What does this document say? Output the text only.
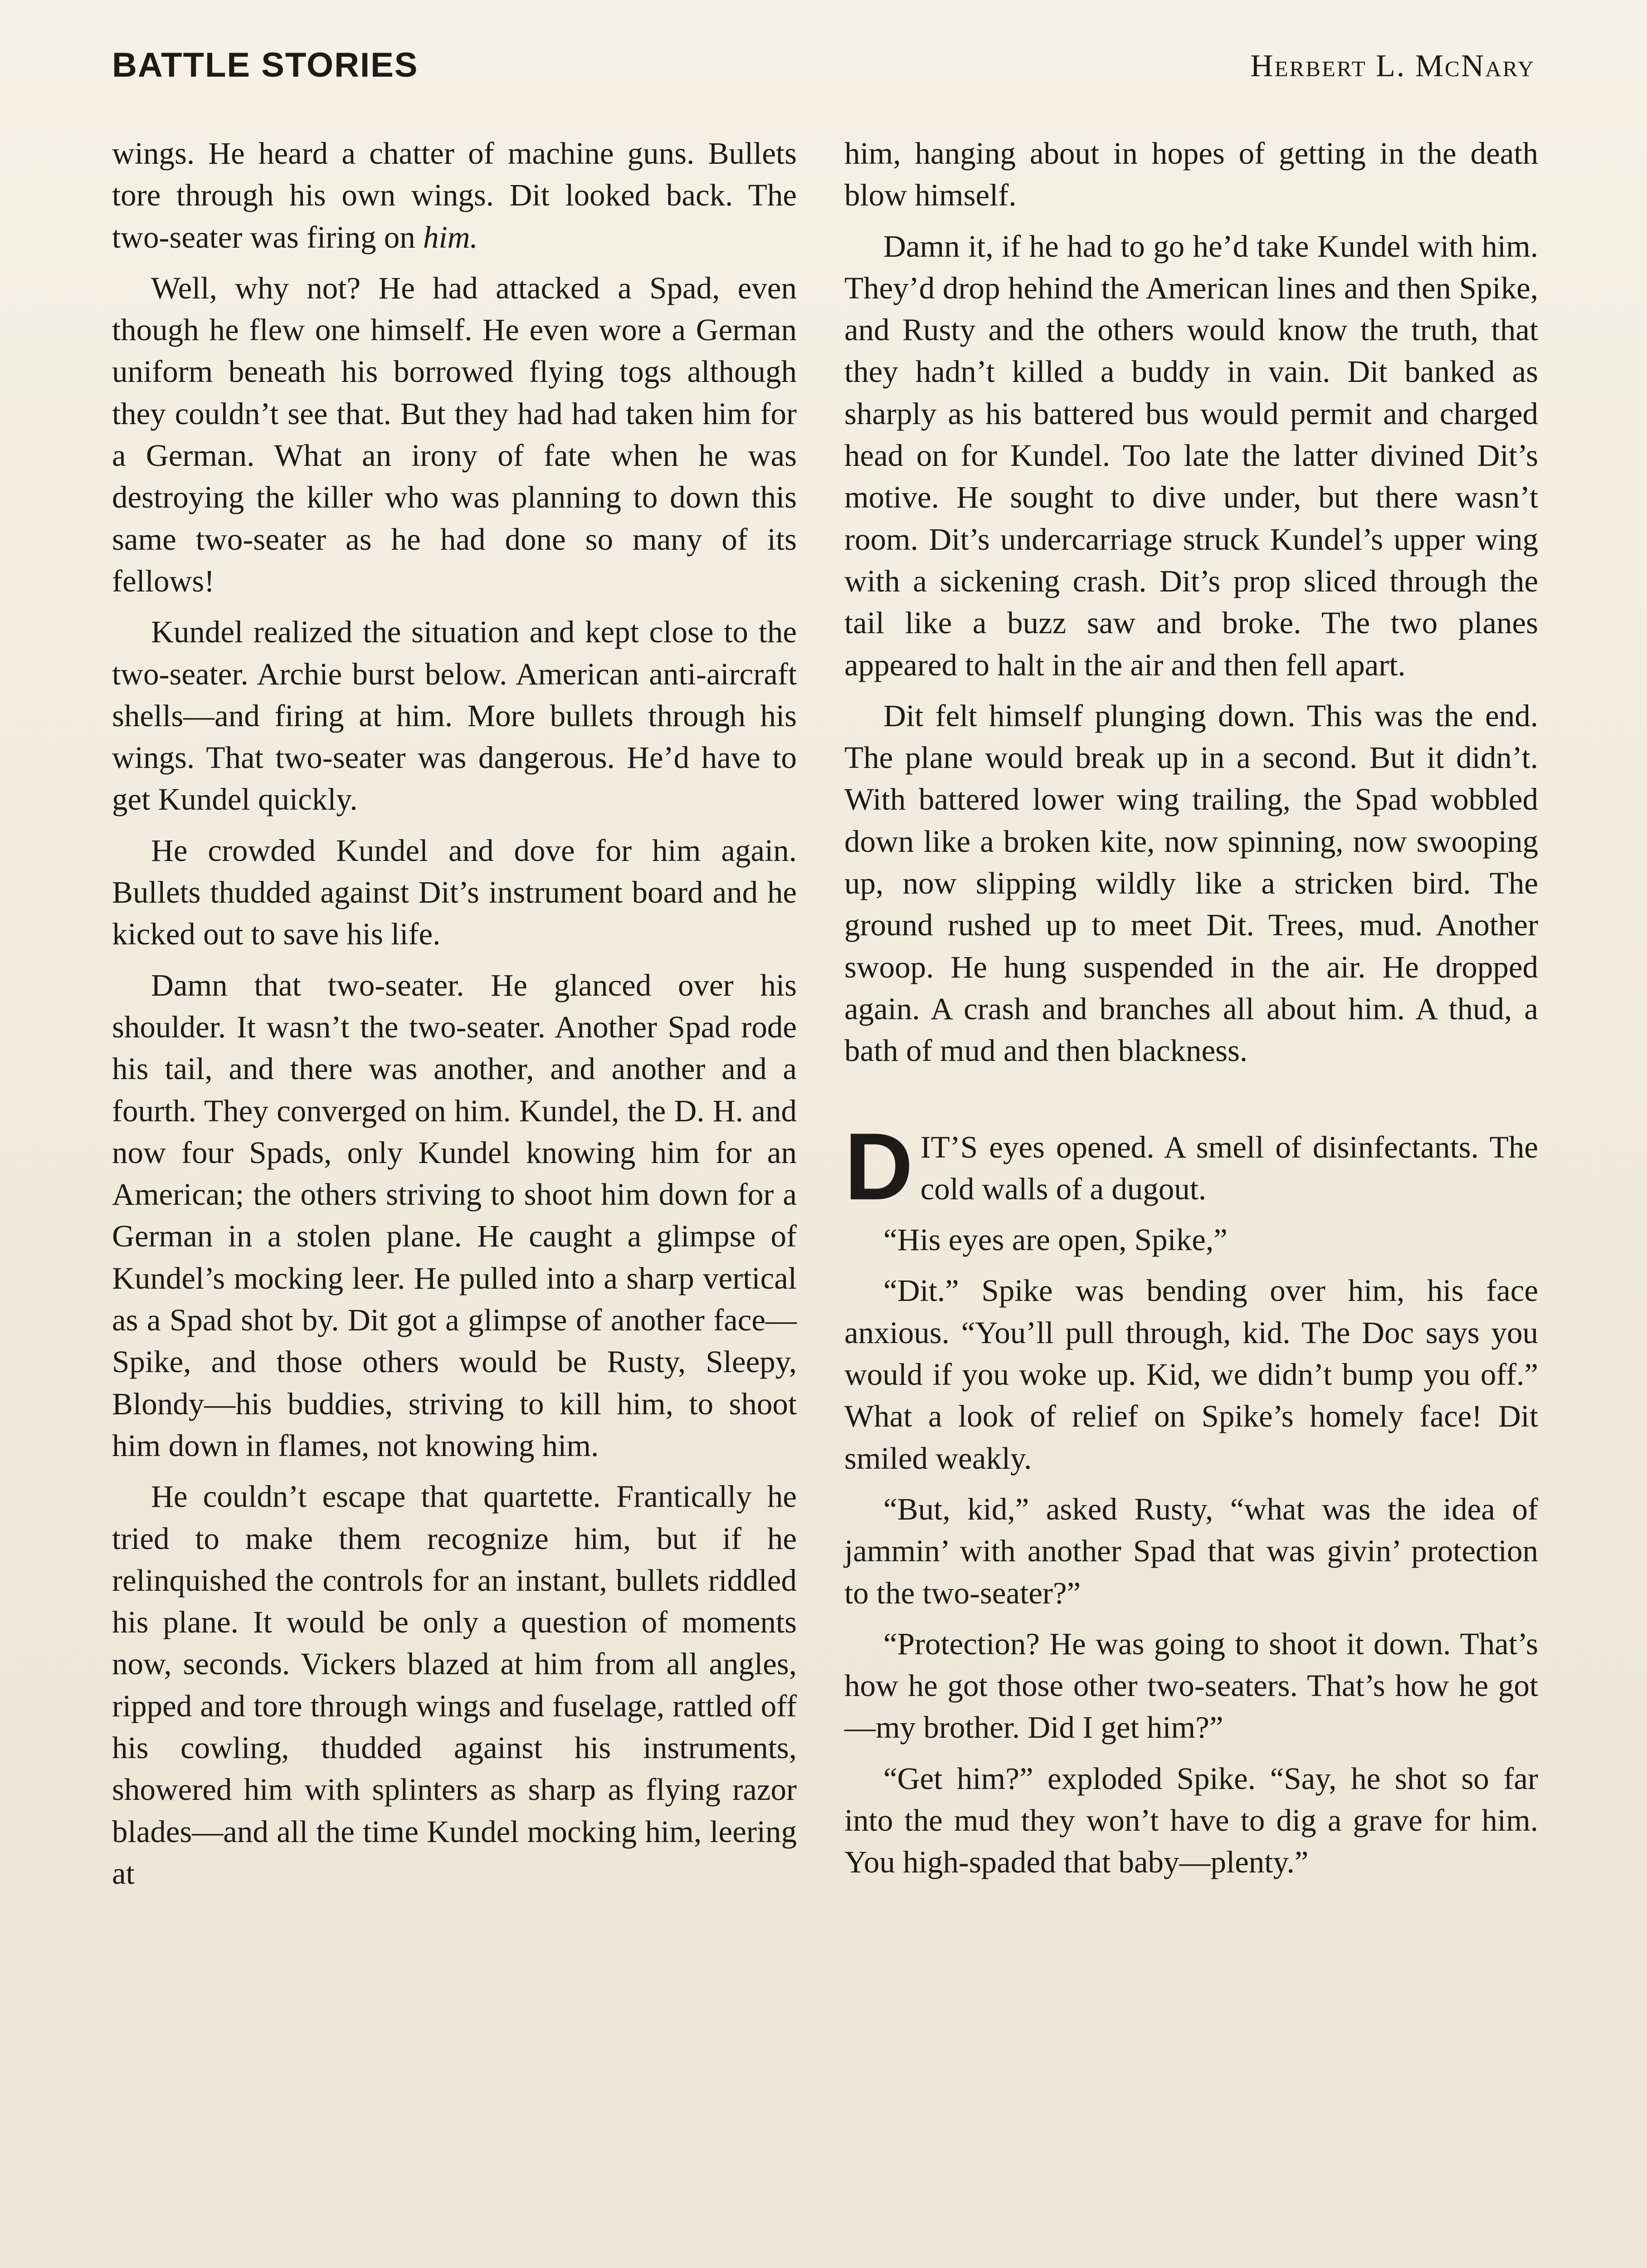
BATTLE STORIES	Herbert L. McNary

wings. He heard a chatter of machine guns. Bullets tore through his own wings. Dit looked back. The two-seater was firing on him.

Well, why not? He had attacked a Spad, even though he flew one himself. He even wore a German uniform beneath his borrowed flying togs although they couldn’t see that. But they had had taken him for a German. What an irony of fate when he was destroying the killer who was planning to down this same two-seater as he had done so many of its fellows!

Kundel realized the situation and kept close to the two-seater. Archie burst below. American anti-aircraft shells—and firing at him. More bullets through his wings. That two-seater was dangerous. He’d have to get Kundel quickly.

He crowded Kundel and dove for him again. Bullets thudded against Dit’s instrument board and he kicked out to save his life.

Damn that two-seater. He glanced over his shoulder. It wasn’t the two-seater. Another Spad rode his tail, and there was another, and another and a fourth. They converged on him. Kundel, the D. H. and now four Spads, only Kundel knowing him for an American; the others striving to shoot him down for a German in a stolen plane. He caught a glimpse of Kundel’s mocking leer. He pulled into a sharp vertical as a Spad shot by. Dit got a glimpse of another face—Spike, and those others would be Rusty, Sleepy, Blondy—his buddies, striving to kill him, to shoot him down in flames, not knowing him.

He couldn’t escape that quartette. Frantically he tried to make them recognize him, but if he relinquished the controls for an instant, bullets riddled his plane. It would be only a question of moments now, seconds. Vickers blazed at him from all angles, ripped and tore through wings and fuselage, rattled off his cowling, thudded against his instruments, showered him with splinters as sharp as flying razor blades—and all the time Kundel mocking him, leering at

him, hanging about in hopes of getting in the death blow himself.

Damn it, if he had to go he’d take Kundel with him. They’d drop hehind the American lines and then Spike, and Rusty and the others would know the truth, that they hadn’t killed a buddy in vain. Dit banked as sharply as his battered bus would permit and charged head on for Kundel. Too late the latter divined Dit’s motive. He sought to dive under, but there wasn’t room. Dit’s undercarriage struck Kundel’s upper wing with a sickening crash. Dit’s prop sliced through the tail like a buzz saw and broke. The two planes appeared to halt in the air and then fell apart.

Dit felt himself plunging down. This was the end. The plane would break up in a second. But it didn’t. With battered lower wing trailing, the Spad wobbled down like a broken kite, now spinning, now swooping up, now slipping wildly like a stricken bird. The ground rushed up to meet Dit. Trees, mud. Another swoop. He hung suspended in the air. He dropped again. A crash and branches all about him. A thud, a bath of mud and then blackness.

DIT’S eyes opened. A smell of disinfectants. The cold walls of a dugout.

“His eyes are open, Spike,”

“Dit.” Spike was bending over him, his face anxious. “You’ll pull through, kid. The Doc says you would if you woke up. Kid, we didn’t bump you off.” What a look of relief on Spike’s homely face! Dit smiled weakly.

“But, kid,” asked Rusty, “what was the idea of jammin’ with another Spad that was givin’ protection to the two-seater?”

“Protection? He was going to shoot it down. That’s how he got those other two-seaters. That’s how he got—my brother. Did I get him?”

“Get him?” exploded Spike. “Say, he shot so far into the mud they won’t have to dig a grave for him. You high-spaded that baby—plenty.”
